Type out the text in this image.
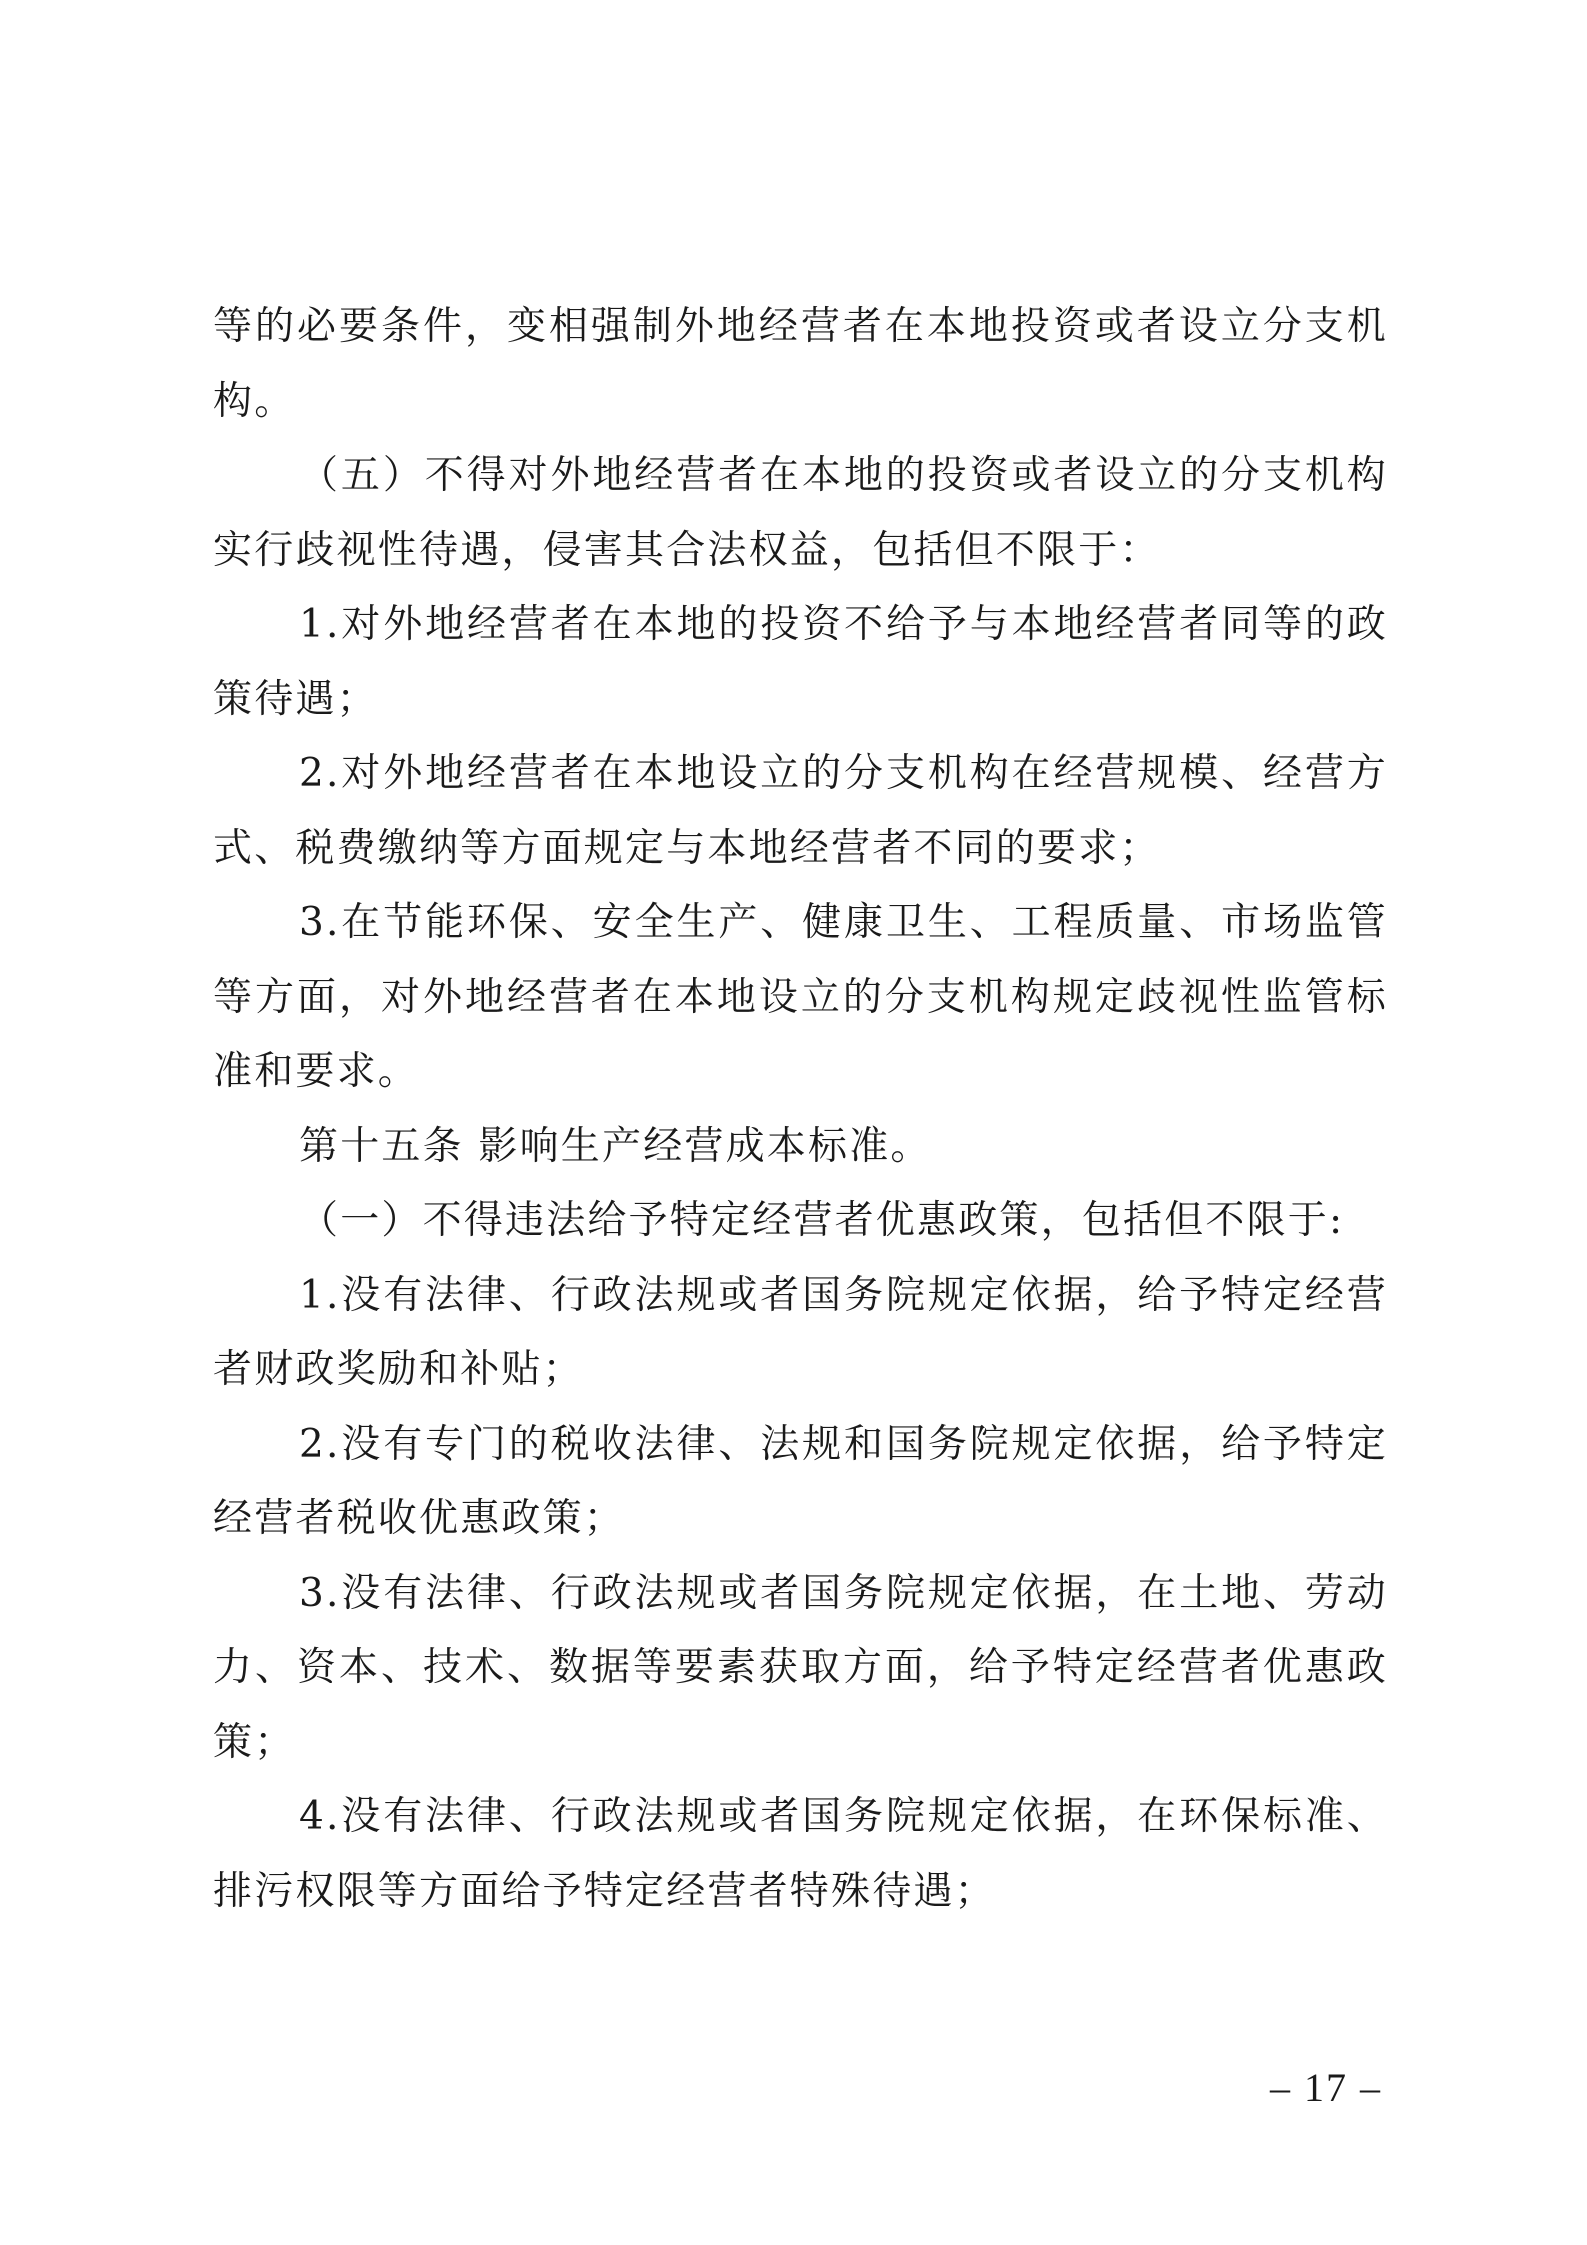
等的必要条件，变相强制外地经营者在本地投资或者设立分支机构。

（五）不得对外地经营者在本地的投资或者设立的分支机构实行歧视性待遇，侵害其合法权益，包括但不限于：

1.对外地经营者在本地的投资不给予与本地经营者同等的政策待遇；

2.对外地经营者在本地设立的分支机构在经营规模、经营方式、税费缴纳等方面规定与本地经营者不同的要求；

3.在节能环保、安全生产、健康卫生、工程质量、市场监管等方面，对外地经营者在本地设立的分支机构规定歧视性监管标准和要求。

第十五条 影响生产经营成本标准。

（一）不得违法给予特定经营者优惠政策，包括但不限于:

1.没有法律、行政法规或者国务院规定依据，给予特定经营者财政奖励和补贴；

2.没有专门的税收法律、法规和国务院规定依据，给予特定经营者税收优惠政策；

3.没有法律、行政法规或者国务院规定依据，在土地、劳动力、资本、技术、数据等要素获取方面，给予特定经营者优惠政策；

4.没有法律、行政法规或者国务院规定依据，在环保标准、排污权限等方面给予特定经营者特殊待遇；

– 17 –
